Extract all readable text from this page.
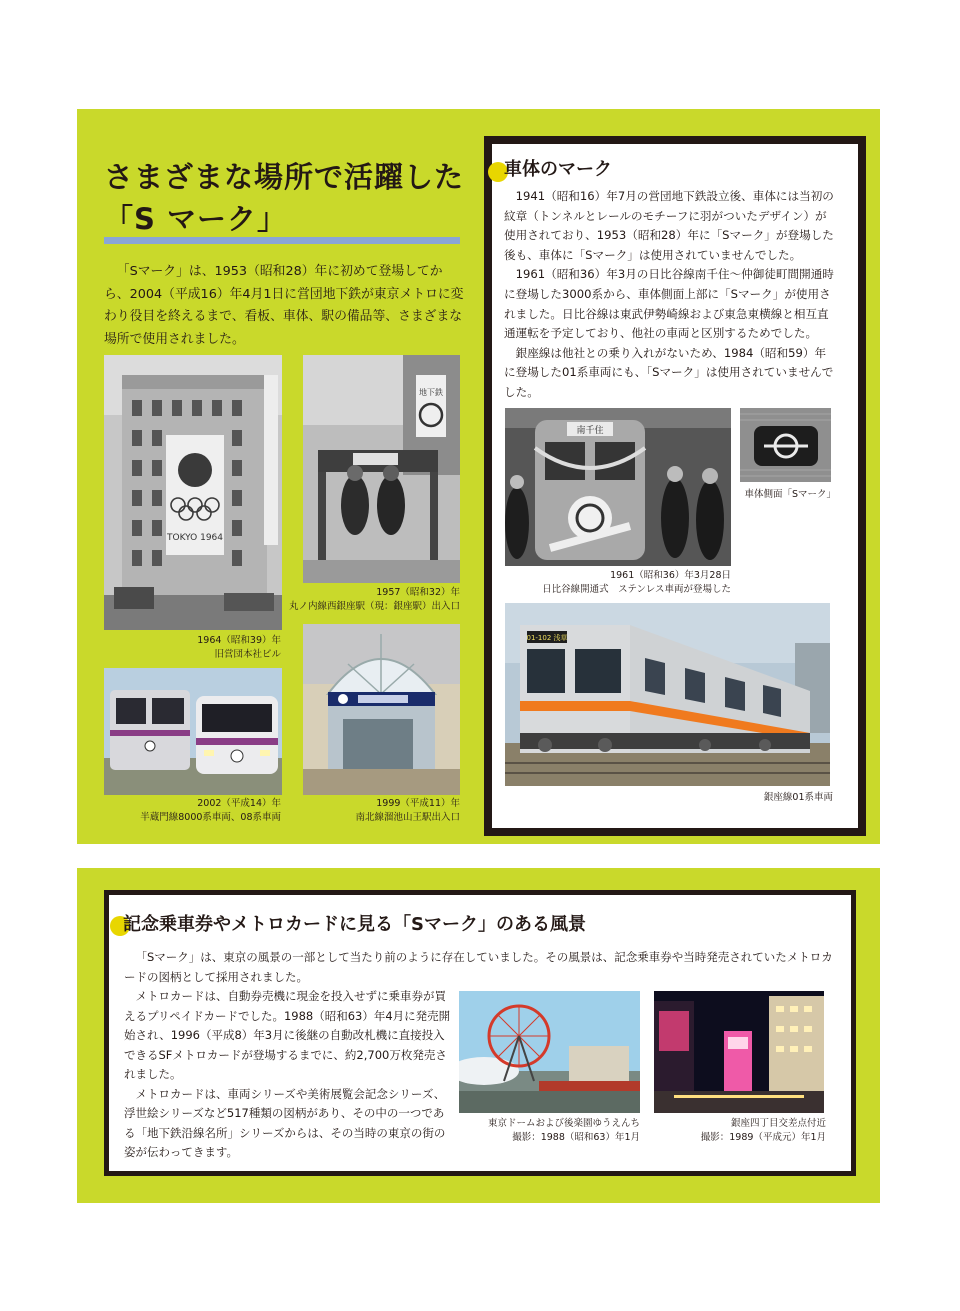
さまざまな場所で活躍した
「S マーク」

「Sマーク」は、1953（昭和28）年に初めて登場してから、2004（平成16）年4月1日に営団地下鉄が東京メトロに変わり役目を終えるまで、看板、車体、駅の備品等、さまざまな場所で使用されました。

TOKYO 1964
1964（昭和39）年
旧営団本社ビル
地下鉄
1957（昭和32）年
丸ノ内線西銀座駅（現：銀座駅）出入口
2002（平成14）年
半蔵門線8000系車両、08系車両
1999（平成11）年
南北線溜池山王駅出入口
車体のマーク

1941（昭和16）年7月の営団地下鉄設立後、車体には当初の紋章（トンネルとレールのモチーフに羽がついたデザイン）が使用されており、1953（昭和28）年に「Sマーク」が登場した後も、車体に「Sマーク」は使用されていませんでした。

1961（昭和36）年3月の日比谷線南千住～仲御徒町間開通時に登場した3000系から、車体側面上部に「Sマーク」が使用されました。日比谷線は東武伊勢崎線および東急東横線と相互直通運転を予定しており、他社の車両と区別するためでした。

銀座線は他社との乗り入れがないため、1984（昭和59）年に登場した01系車両にも、「Sマーク」は使用されていませんでした。

南千住
1961（昭和36）年3月28日
日比谷線開通式　ステンレス車両が登場した
車体側面「Sマーク」
01-102 浅草
銀座線01系車両
記念乗車券やメトロカードに見る「Sマーク」のある風景

「Sマーク」は、東京の風景の一部として当たり前のように存在していました。その風景は、記念乗車券や当時発売されていたメトロカードの図柄として採用されました。

メトロカードは、自動券売機に現金を投入せずに乗車券が買えるプリペイドカードでした。1988（昭和63）年4月に発売開始され、1996（平成8）年3月に後継の自動改札機に直接投入できるSFメトロカードが登場するまでに、約2,700万枚発売されました。

メトロカードは、車両シリーズや美術展覧会記念シリーズ、浮世絵シリーズなど517種類の図柄があり、その中の一つである「地下鉄沿線名所」シリーズからは、その当時の東京の街の姿が伝わってきます。

東京ドームおよび後楽園ゆうえんち
撮影：1988（昭和63）年1月
銀座四丁目交差点付近
撮影：1989（平成元）年1月
